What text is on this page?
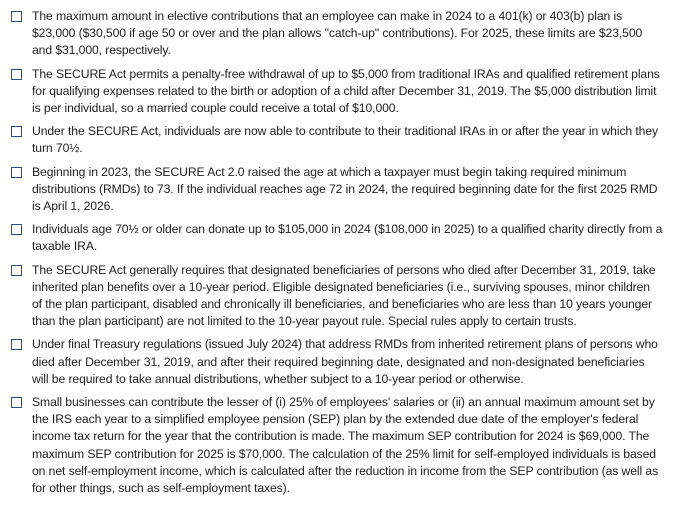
The maximum amount in elective contributions that an employee can make in 2024 to a 401(k) or 403(b) plan is $23,000 ($30,500 if age 50 or over and the plan allows "catch-up" contributions). For 2025, these limits are $23,500 and $31,000, respectively.
The SECURE Act permits a penalty-free withdrawal of up to $5,000 from traditional IRAs and qualified retirement plans for qualifying expenses related to the birth or adoption of a child after December 31, 2019. The $5,000 distribution limit is per individual, so a married couple could receive a total of $10,000.
Under the SECURE Act, individuals are now able to contribute to their traditional IRAs in or after the year in which they turn 70½.
Beginning in 2023, the SECURE Act 2.0 raised the age at which a taxpayer must begin taking required minimum distributions (RMDs) to 73. If the individual reaches age 72 in 2024, the required beginning date for the first 2025 RMD is April 1, 2026.
Individuals age 70½ or older can donate up to $105,000 in 2024 ($108,000 in 2025) to a qualified charity directly from a taxable IRA.
The SECURE Act generally requires that designated beneficiaries of persons who died after December 31, 2019, take inherited plan benefits over a 10-year period. Eligible designated beneficiaries (i.e., surviving spouses, minor children of the plan participant, disabled and chronically ill beneficiaries, and beneficiaries who are less than 10 years younger than the plan participant) are not limited to the 10-year payout rule. Special rules apply to certain trusts.
Under final Treasury regulations (issued July 2024) that address RMDs from inherited retirement plans of persons who died after December 31, 2019, and after their required beginning date, designated and non-designated beneficiaries will be required to take annual distributions, whether subject to a 10-year period or otherwise.
Small businesses can contribute the lesser of (i) 25% of employees' salaries or (ii) an annual maximum amount set by the IRS each year to a simplified employee pension (SEP) plan by the extended due date of the employer's federal income tax return for the year that the contribution is made. The maximum SEP contribution for 2024 is $69,000. The maximum SEP contribution for 2025 is $70,000. The calculation of the 25% limit for self-employed individuals is based on net self-employment income, which is calculated after the reduction in income from the SEP contribution (as well as for other things, such as self-employment taxes).
